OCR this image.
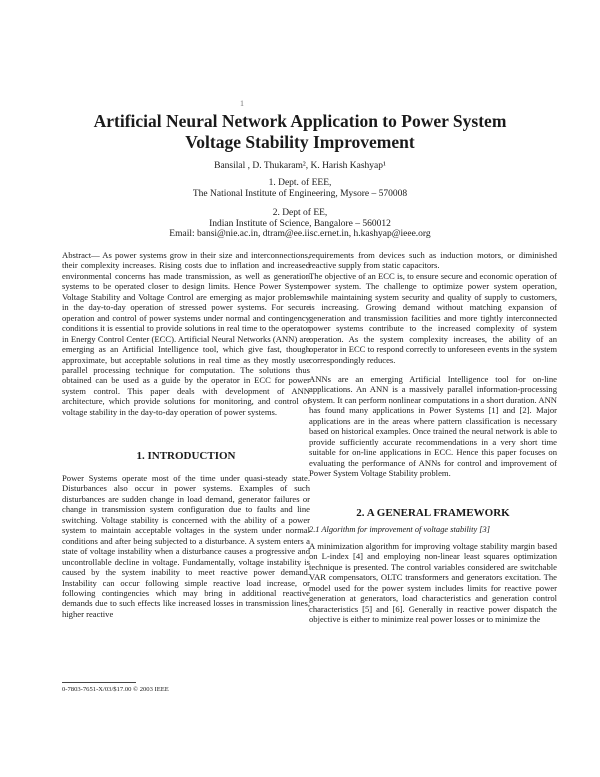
1
Artificial Neural Network Application to Power System
Voltage Stability Improvement
Bansilal , D. Thukaram², K. Harish Kashyap¹
1. Dept. of EEE,
The National Institute of Engineering, Mysore – 570008
2. Dept of EE,
Indian Institute of Science, Bangalore – 560012
Email: bansi@nie.ac.in, dtram@ee.iisc.ernet.in, h.kashyap@ieee.org

Abstract— As power systems grow in their size and interconnections, their complexity increases. Rising costs due to inflation and increased environmental concerns has made transmission, as well as generation systems to be operated closer to design limits. Hence Power System Voltage Stability and Voltage Control are emerging as major problems in the day-to-day operation of stressed power systems. For secure operation and control of power systems under normal and contingency conditions it is essential to provide solutions in real time to the operator in Energy Control Center (ECC). Artificial Neural Networks (ANN) are emerging as an Artificial Intelligence tool, which give fast, though approximate, but acceptable solutions in real time as they mostly use parallel processing technique for computation. The solutions thus obtained can be used as a guide by the operator in ECC for power system control. This paper deals with development of ANN architecture, which provide solutions for monitoring, and control of voltage stability in the day-to-day operation of power systems.

1. INTRODUCTION

Power Systems operate most of the time under quasi-steady state. Disturbances also occur in power systems. Examples of such disturbances are sudden change in load demand, generator failures or change in transmission system configuration due to faults and line switching. Voltage stability is concerned with the ability of a power system to maintain acceptable voltages in the system under normal conditions and after being subjected to a disturbance. A system enters a state of voltage instability when a disturbance causes a progressive and uncontrollable decline in voltage. Fundamentally, voltage instability is caused by the system inability to meet reactive power demand. Instability can occur following simple reactive load increase, or following contingencies which may bring in additional reactive demands due to such effects like increased losses in transmission lines, higher reactive

requirements from devices such as induction motors, or diminished reactive supply from static capacitors.

The objective of an ECC is, to ensure secure and economic operation of power system. The challenge to optimize power system operation, while maintaining system security and quality of supply to customers, is increasing. Growing demand without matching expansion of generation and transmission facilities and more tightly interconnected power systems contribute to the increased complexity of system operation. As the system complexity increases, the ability of an operator in ECC to respond correctly to unforeseen events in the system correspondingly reduces.

ANNs are an emerging Artificial Intelligence tool for on-line applications. An ANN is a massively parallel information-processing system. It can perform nonlinear computations in a short duration. ANN has found many applications in Power Systems [1] and [2]. Major applications are in the areas where pattern classification is necessary based on historical examples. Once trained the neural network is able to provide sufficiently accurate recommendations in a very short time suitable for on-line applications in ECC. Hence this paper focuses on evaluating the performance of ANNs for control and improvement of Power System Voltage Stability problem.

2. A GENERAL FRAMEWORK
2.1 Algorithm for improvement of voltage stability [3]

A minimization algorithm for improving voltage stability margin based on L-index [4] and employing non-linear least squares optimization technique is presented. The control variables considered are switchable VAR compensators, OLTC transformers and generators excitation. The model used for the power system includes limits for reactive power generation at generators, load characteristics and generation control characteristics [5] and [6]. Generally in reactive power dispatch the objective is either to minimize real power losses or to minimize the

0-7803-7651-X/03/$17.00 © 2003 IEEE
